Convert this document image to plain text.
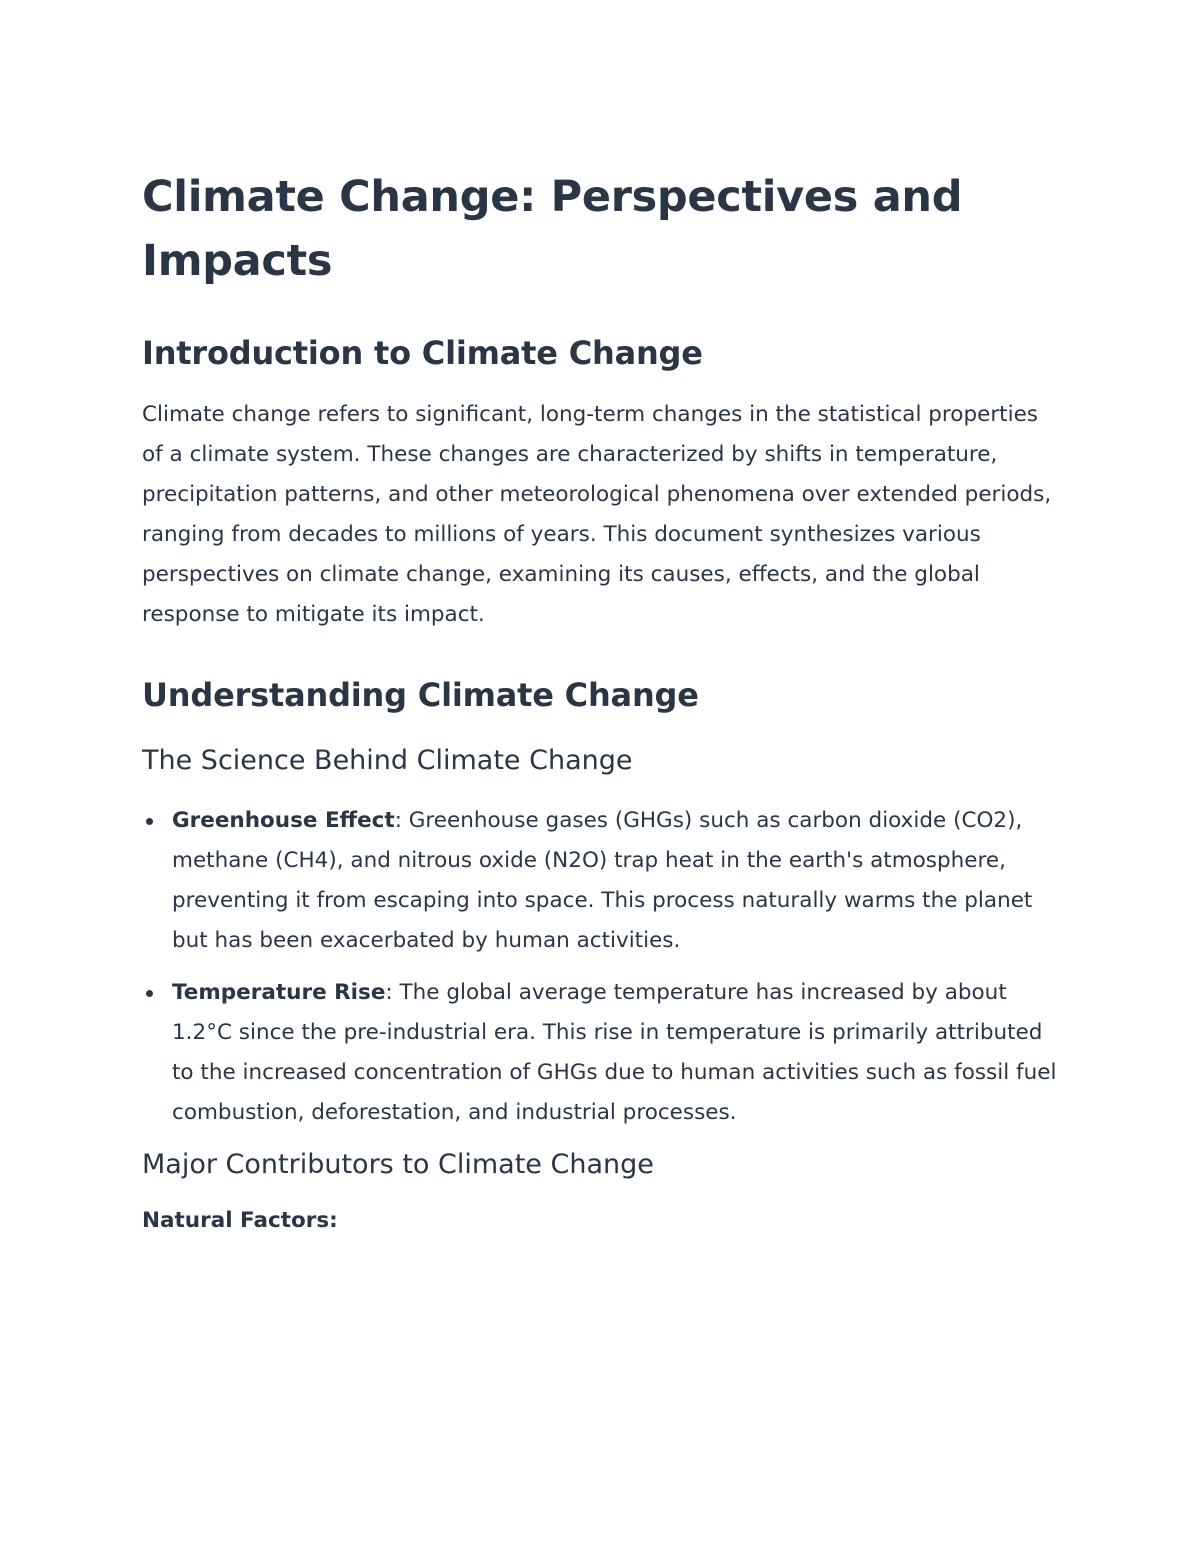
Climate Change: Perspectives and Impacts
Introduction to Climate Change

Climate change refers to significant, long-term changes in the statistical properties of a climate system. These changes are characterized by shifts in temperature, precipitation patterns, and other meteorological phenomena over extended periods, ranging from decades to millions of years. This document synthesizes various perspectives on climate change, examining its causes, effects, and the global response to mitigate its impact.

Understanding Climate Change
The Science Behind Climate Change
Greenhouse Effect: Greenhouse gases (GHGs) such as carbon dioxide (CO2), methane (CH4), and nitrous oxide (N2O) trap heat in the earth's atmosphere, preventing it from escaping into space. This process naturally warms the planet but has been exacerbated by human activities.
Temperature Rise: The global average temperature has increased by about 1.2°C since the pre-industrial era. This rise in temperature is primarily attributed to the increased concentration of GHGs due to human activities such as fossil fuel combustion, deforestation, and industrial processes.
Major Contributors to Climate Change
Natural Factors:
